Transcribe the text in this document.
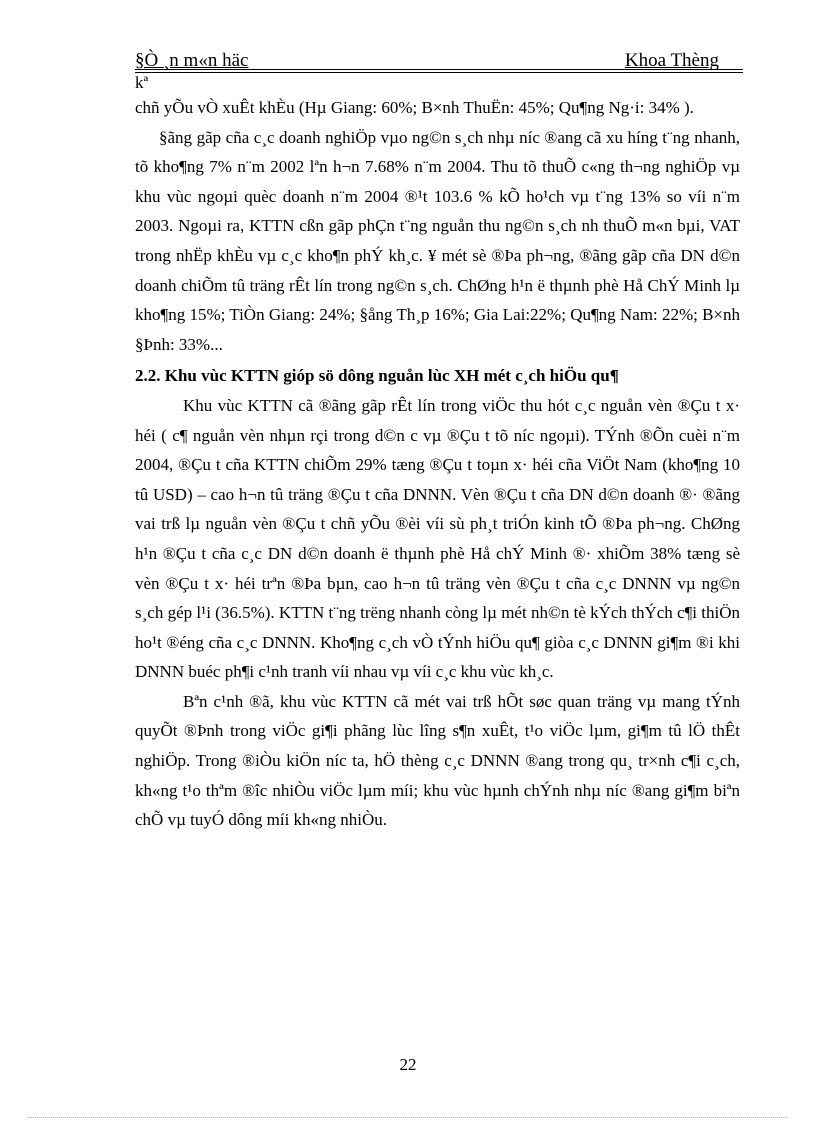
§Ò ¸n m«n häc	Khoa Thèng
kª

chñ yÕu vÒ xuÊt khÈu (Hµ Giang: 60%; B×nh ThuËn: 45%; Qu¶ng Ng·i: 34% ).

§ãng gãp cña c¸c doanh nghiÖp vµo ng©n s¸ch nhµ níc ®ang cã xu híng t¨ng nhanh, tõ kho¶ng 7% n¨m 2002 lªn h¬n 7.68% n¨m 2004. Thu tõ thuÕ c«ng th¬ng nghiÖp vµ khu vùc ngoµi quèc doanh n¨m 2004 ®¹t 103.6 % kÕ ho¹ch vµ t¨ng 13% so víi n¨m 2003. Ngoµi ra, KTTN cßn gãp phÇn t¨ng nguån thu ng©n s¸ch nh thuÕ m«n bµi, VAT trong nhËp khÈu vµ c¸c kho¶n phÝ kh¸c. ¥ mét sè ®Þa ph¬ng, ®ãng gãp cña DN d©n doanh chiÕm tû träng rÊt lín trong ng©n s¸ch. ChØng h¹n ë thµnh phè Hå ChÝ Minh lµ kho¶ng 15%; TiÒn Giang: 24%; §ång Th¸p 16%; Gia Lai:22%; Qu¶ng Nam: 22%; B×nh §Þnh: 33%...

2.2. Khu vùc KTTN gióp sö dông nguån lùc XH mét c¸ch hiÖu qu¶

Khu vùc KTTN cã ®ãng gãp rÊt lín trong viÖc thu hót c¸c nguån vèn ®Çu t x· héi ( c¶ nguån vèn nhµn rçi trong d©n c vµ ®Çu t tõ níc ngoµi). TÝnh ®Õn cuèi n¨m 2004, ®Çu t cña KTTN chiÕm 29% tæng ®Çu t toµn x· héi cña ViÖt Nam (kho¶ng 10 tû USD) – cao h¬n tû träng ®Çu t cña DNNN. Vèn ®Çu t cña DN d©n doanh ®· ®ãng vai trß lµ nguån vèn ®Çu t chñ yÕu ®èi víi sù ph¸t triÓn kinh tÕ ®Þa ph¬ng. ChØng h¹n ®Çu t cña c¸c DN d©n doanh ë thµnh phè Hå chÝ Minh ®· xhiÕm 38% tæng sè vèn ®Çu t x· héi trªn ®Þa bµn, cao h¬n tû träng vèn ®Çu t cña c¸c DNNN vµ ng©n s¸ch gép l¹i (36.5%). KTTN t¨ng trëng nhanh còng lµ mét nh©n tè kÝch thÝch c¶i thiÖn ho¹t ®éng cña c¸c DNNN. Kho¶ng c¸ch vÒ tÝnh hiÖu qu¶ giòa c¸c DNNN gi¶m ®i khi DNNN buéc ph¶i c¹nh tranh víi nhau vµ víi c¸c khu vùc kh¸c.

Bªn c¹nh ®ã, khu vùc KTTN cã mét vai trß hÕt søc quan träng vµ mang tÝnh quyÕt ®Þnh trong viÖc gi¶i phãng lùc lîng s¶n xuÊt, t¹o viÖc lµm, gi¶m tû lÖ thÊt nghiÖp. Trong ®iÒu kiÖn níc ta, hÖ thèng c¸c DNNN ®ang trong qu¸ tr×nh c¶i c¸ch, kh«ng t¹o thªm ®îc nhiÒu viÖc lµm míi; khu vùc hµnh chÝnh nhµ níc ®ang gi¶m biªn chÕ vµ tuyÓ dông míi kh«ng nhiÒu.

22
